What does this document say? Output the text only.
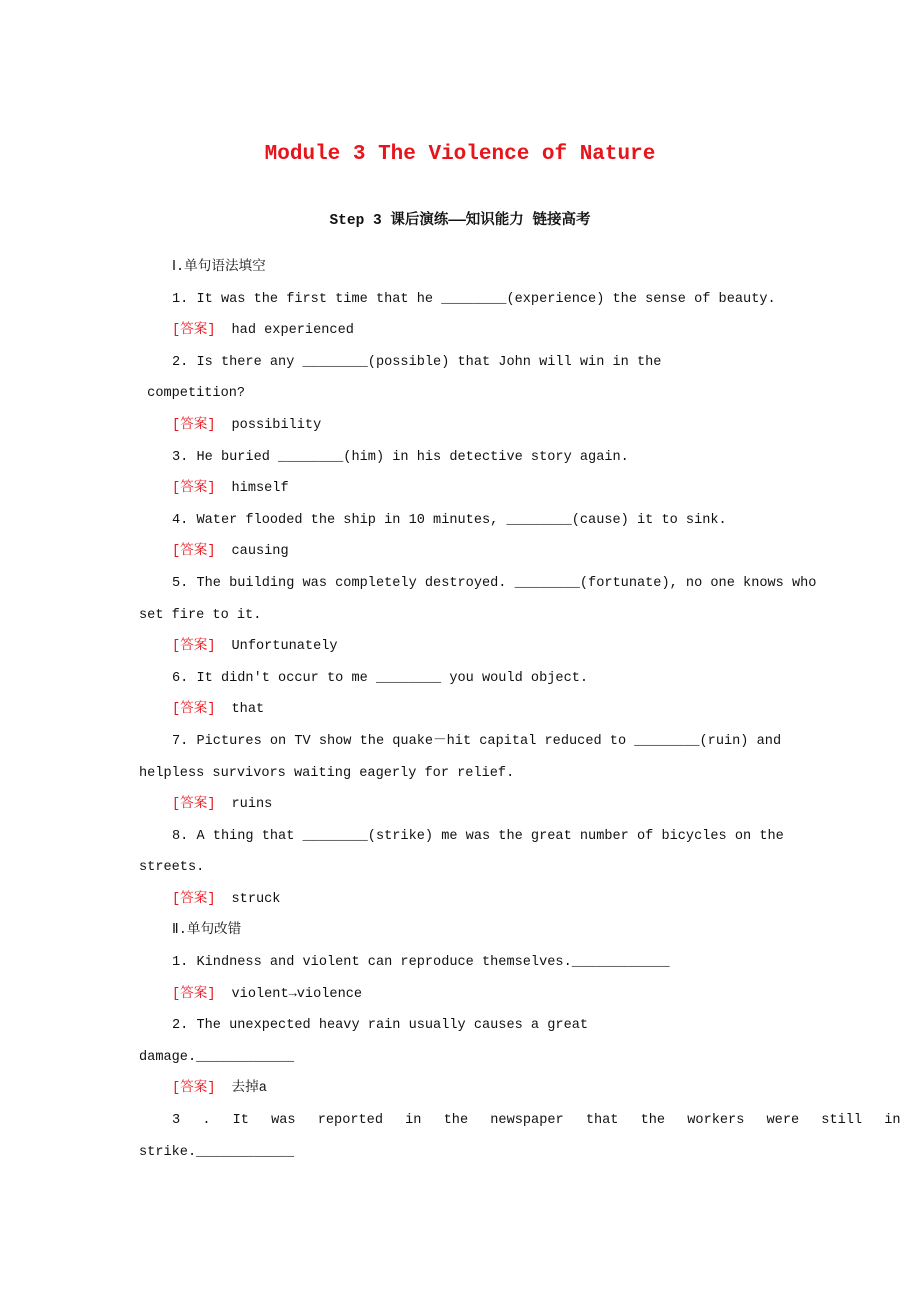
Module 3 The Violence of Nature
Step 3 课后演练——知识能力 链接高考
Ⅰ.单句语法填空
1. It was the first time that he ________(experience) the sense of beauty.
[答案] had experienced
2. Is there any ________(possible) that John will win in the
competition?
[答案] possibility
3. He buried ________(him) in his detective story again.
[答案] himself
4. Water flooded the ship in 10 minutes, ________(cause) it to sink.
[答案] causing
5. The building was completely destroyed. ________(fortunate), no one knows who
set fire to it.
[答案] Unfortunately
6. It didn't occur to me ________ you would object.
[答案] that
7. Pictures on TV show the quake－hit capital reduced to ________(ruin) and
helpless survivors waiting eagerly for relief.
[答案] ruins
8. A thing that ________(strike) me was the great number of bicycles on the
streets.
[答案] struck
Ⅱ.单句改错
1. Kindness and violent can reproduce themselves.____________
[答案] violent→violence
2. The unexpected heavy rain usually causes a great
damage.____________
[答案] 去掉a
3 . It was reported in the newspaper that the workers were still in
strike.____________
